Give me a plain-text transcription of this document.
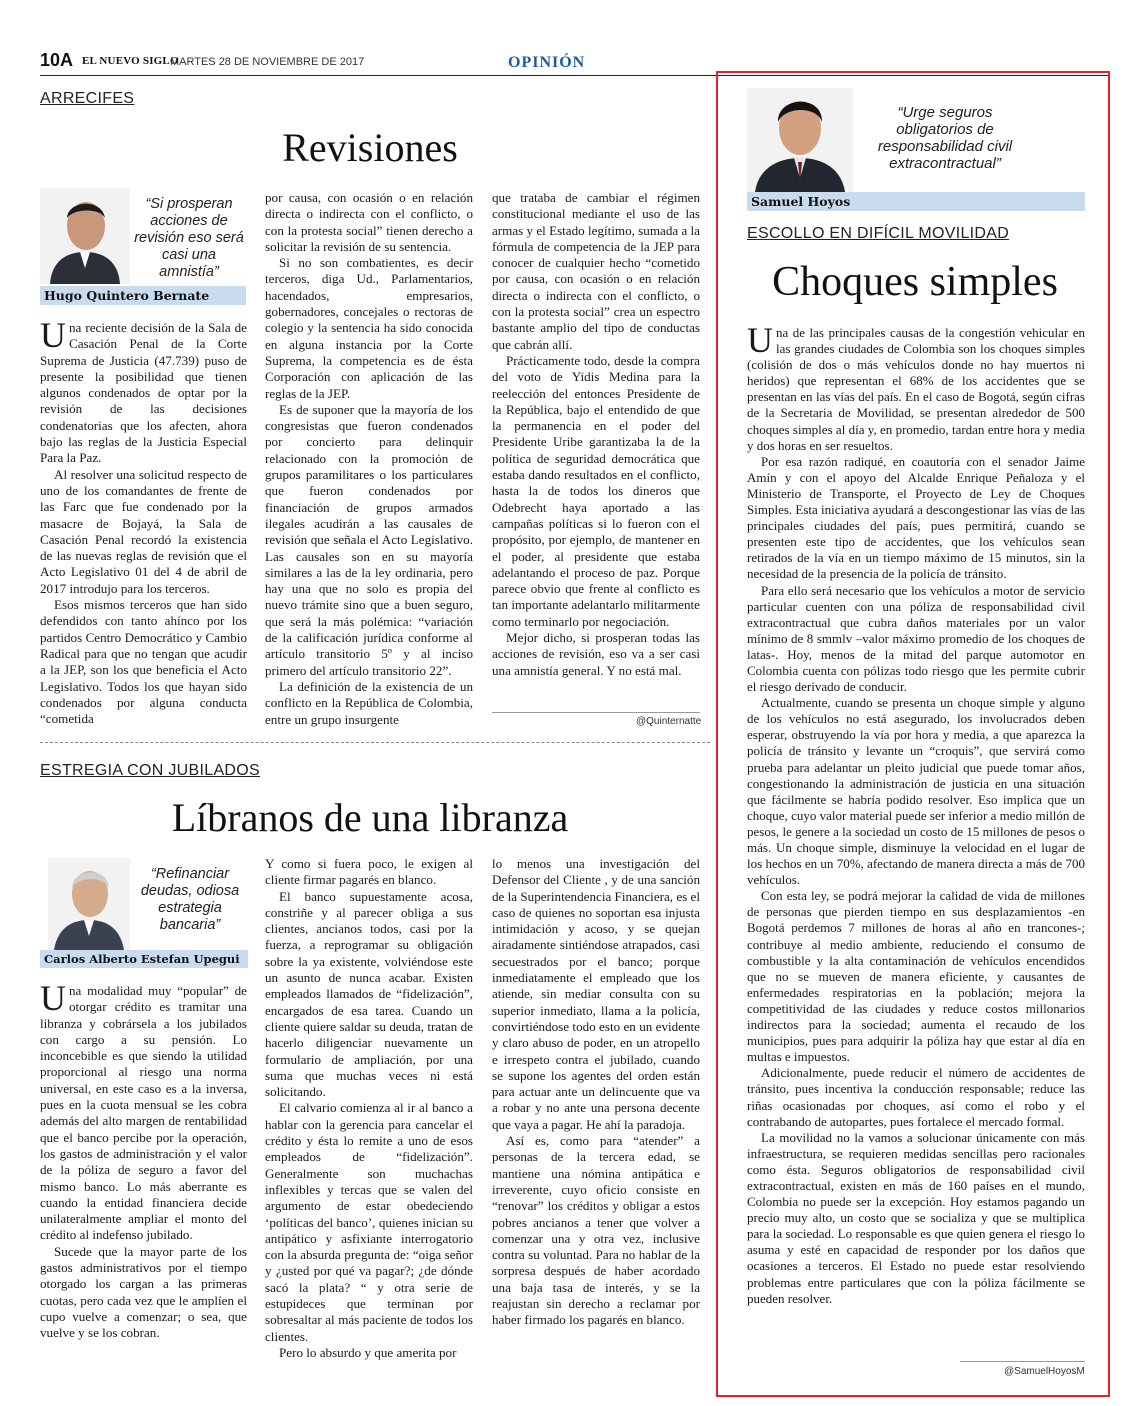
10A EL NUEVO SIGLO
MARTES 28 DE NOVIEMBRE DE 2017	OPINIÓN
ARRECIFES
Revisiones
“Si prosperan acciones de revisión eso será casi una amnistía”
Hugo Quintero Bernate

Una reciente decisión de la Sala de Casación Penal de la Corte Suprema de Justicia (47.739) puso de presente la posibilidad que tienen algunos condenados de optar por la revisión de las decisiones condenatorias que los afecten, ahora bajo las reglas de la Justicia Especial Para la Paz.

Al resolver una solicitud respecto de uno de los comandantes de frente de las Farc que fue condenado por la masacre de Bojayá, la Sala de Casación Penal recordó la existencia de las nuevas reglas de revisión que el Acto Legislativo 01 del 4 de abril de 2017 introdujo para los terceros.

Esos mismos terceros que han sido defendidos con tanto ahínco por los partidos Centro Democrático y Cambio Radical para que no tengan que acudir a la JEP, son los que beneficia el Acto Legislativo. Todos los que hayan sido condenados por alguna conducta “cometida

por causa, con ocasión o en relación directa o indirecta con el conflicto, o con la protesta social” tienen derecho a solicitar la revisión de su sentencia.

Si no son combatientes, es decir terceros, diga Ud., Parlamentarios, hacendados, empresarios, gobernadores, concejales o rectoras de colegio y la sentencia ha sido conocida en alguna instancia por la Corte Suprema, la competencia es de ésta Corporación con aplicación de las reglas de la JEP.

Es de suponer que la mayoría de los congresistas que fueron condenados por concierto para delinquir relacionado con la promoción de grupos paramilitares o los particulares que fueron condenados por financiación de grupos armados ilegales acudirán a las causales de revisión que señala el Acto Legislativo. Las causales son en su mayoría similares a las de la ley ordinaria, pero hay una que no solo es propia del nuevo trámite sino que a buen seguro, que será la más polémica: “variación de la calificación jurídica conforme al artículo transitorio 5º y al inciso primero del artículo transitorio 22”.

La definición de la existencia de un conflicto en la República de Colombia, entre un grupo insurgente

que trataba de cambiar el régimen constitucional mediante el uso de las armas y el Estado legítimo, sumada a la fórmula de competencia de la JEP para conocer de cualquier hecho “cometido por causa, con ocasión o en relación directa o indirecta con el conflicto, o con la protesta social” crea un espectro bastante amplio del tipo de conductas que cabrán allí.

Prácticamente todo, desde la compra del voto de Yidis Medina para la reelección del entonces Presidente de la República, bajo el entendido de que la permanencia en el poder del Presidente Uribe garantizaba la de la política de seguridad democrática que estaba dando resultados en el conflicto, hasta la de todos los dineros que Odebrecht haya aportado a las campañas políticas si lo fueron con el propósito, por ejemplo, de mantener en el poder, al presidente que estaba adelantando el proceso de paz. Porque parece obvio que frente al conflicto es tan importante adelantarlo militarmente como terminarlo por negociación.

Mejor dicho, si prosperan todas las acciones de revisión, eso va a ser casi una amnistía general. Y no está mal.

@Quinternatte
ESTREGIA CON JUBILADOS
Líbranos de una libranza
“Refinanciar deudas, odiosa estrategia bancaria”
Carlos Alberto Estefan Upegui

Una modalidad muy “popular” de otorgar crédito es tramitar una libranza y cobrársela a los jubilados con cargo a su pensión. Lo inconcebible es que siendo la utilidad proporcional al riesgo una norma universal, en este caso es a la inversa, pues en la cuota mensual se les cobra además del alto margen de rentabilidad que el banco percibe por la operación, los gastos de administración y el valor de la póliza de seguro a favor del mismo banco. Lo más aberrante es cuando la entidad financiera decide unilateralmente ampliar el monto del crédito al indefenso jubilado.

Sucede que la mayor parte de los gastos administrativos por el tiempo otorgado los cargan a las primeras cuotas, pero cada vez que le amplíen el cupo vuelve a comenzar; o sea, que vuelve y se los cobran.

Y como si fuera poco, le exigen al cliente firmar pagarés en blanco.

El banco supuestamente acosa, constriñe y al parecer obliga a sus clientes, ancianos todos, casi por la fuerza, a reprogramar su obligación sobre la ya existente, volviéndose este un asunto de nunca acabar. Existen empleados llamados de “fidelización”, encargados de esa tarea. Cuando un cliente quiere saldar su deuda, tratan de hacerlo diligenciar nuevamente un formulario de ampliación, por una suma que muchas veces ni está solicitando.

El calvario comienza al ir al banco a hablar con la gerencia para cancelar el crédito y ésta lo remite a uno de esos empleados de “fidelización”. Generalmente son muchachas inflexibles y tercas que se valen del argumento de estar obedeciendo ‘políticas del banco’, quienes inician su antipático y asfixiante interrogatorio con la absurda pregunta de: “oiga señor y ¿usted por qué va pagar?; ¿de dónde sacó la plata? “ y otra serie de estupideces que terminan por sobresaltar al más paciente de todos los clientes.

Pero lo absurdo y que amerita por

lo menos una investigación del Defensor del Cliente , y de una sanción de la Superintendencia Financiera, es el caso de quienes no soportan esa injusta intimidación y acoso, y se quejan airadamente sintiéndose atrapados, casi secuestrados por el banco; porque inmediatamente el empleado que los atiende, sin mediar consulta con su superior inmediato, llama a la policía, convirtiéndose todo esto en un evidente y claro abuso de poder, en un atropello e irrespeto contra el jubilado, cuando se supone los agentes del orden están para actuar ante un delincuente que va a robar y no ante una persona decente que vaya a pagar. He ahí la paradoja.

Así es, como para “atender” a personas de la tercera edad, se mantiene una nómina antipática e irreverente, cuyo oficio consiste en “renovar” los créditos y obligar a estos pobres ancianos a tener que volver a comenzar una y otra vez, inclusive contra su voluntad. Para no hablar de la sorpresa después de haber acordado una baja tasa de interés, y se la reajustan sin derecho a reclamar por haber firmado los pagarés en blanco.

“Urge seguros obligatorios de responsabilidad civil extracontractual”
Samuel Hoyos
ESCOLLO EN DIFÍCIL MOVILIDAD
Choques simples

Una de las principales causas de la congestión vehicular en las grandes ciudades de Colombia son los choques simples (colisión de dos o más vehículos donde no hay muertos ni heridos) que representan el 68% de los accidentes que se presentan en las vías del país. En el caso de Bogotá, según cifras de la Secretaria de Movilidad, se presentan alrededor de 500 choques simples al día y, en promedio, tardan entre hora y media y dos horas en ser resueltos.

Por esa razón radiqué, en coautoría con el senador Jaime Amín y con el apoyo del Alcalde Enrique Peñaloza y el Ministerio de Transporte, el Proyecto de Ley de Choques Simples. Esta iniciativa ayudará a descongestionar las vías de las principales ciudades del país, pues permitirá, cuando se presenten este tipo de accidentes, que los vehículos sean retirados de la vía en un tiempo máximo de 15 minutos, sin la necesidad de la presencia de la policía de tránsito.

Para ello será necesario que los vehículos a motor de servicio particular cuenten con una póliza de responsabilidad civil extracontractual que cubra daños materiales por un valor mínimo de 8 smmlv –valor máximo promedio de los choques de latas-. Hoy, menos de la mitad del parque automotor en Colombia cuenta con pólizas todo riesgo que les permite cubrir el riesgo derivado de conducir.

Actualmente, cuando se presenta un choque simple y alguno de los vehículos no está asegurado, los involucrados deben esperar, obstruyendo la vía por hora y media, a que aparezca la policía de tránsito y levante un “croquis”, que servirá como prueba para adelantar un pleito judicial que puede tomar años, congestionando la administración de justicia en una situación que fácilmente se habría podido resolver. Eso implica que un choque, cuyo valor material puede ser inferior a medio millón de pesos, le genere a la sociedad un costo de 15 millones de pesos o más. Un choque simple, disminuye la velocidad en el lugar de los hechos en un 70%, afectando de manera directa a más de 700 vehículos.

Con esta ley, se podrá mejorar la calidad de vida de millones de personas que pierden tiempo en sus desplazamientos -en Bogotá perdemos 7 millones de horas al año en trancones-; contribuye al medio ambiente, reduciendo el consumo de combustible y la alta contaminación de vehículos encendidos que no se mueven de manera eficiente, y causantes de enfermedades respiratorias en la población; mejora la competitividad de las ciudades y reduce costos millonarios indirectos para la sociedad; aumenta el recaudo de los municipios, pues para adquirir la póliza hay que estar al día en multas e impuestos.

Adicionalmente, puede reducir el número de accidentes de tránsito, pues incentiva la conducción responsable; reduce las riñas ocasionadas por choques, así como el robo y el contrabando de autopartes, pues fortalece el mercado formal.

La movilidad no la vamos a solucionar únicamente con más infraestructura, se requieren medidas sencillas pero racionales como ésta. Seguros obligatorios de responsabilidad civil extracontractual, existen en más de 160 países en el mundo, Colombia no puede ser la excepción. Hoy estamos pagando un precio muy alto, un costo que se socializa y que se multiplica para la sociedad. Lo responsable es que quien genera el riesgo lo asuma y esté en capacidad de responder por los daños que ocasiones a terceros. El Estado no puede estar resolviendo problemas entre particulares que con la póliza fácilmente se pueden resolver.

@SamuelHoyosM
